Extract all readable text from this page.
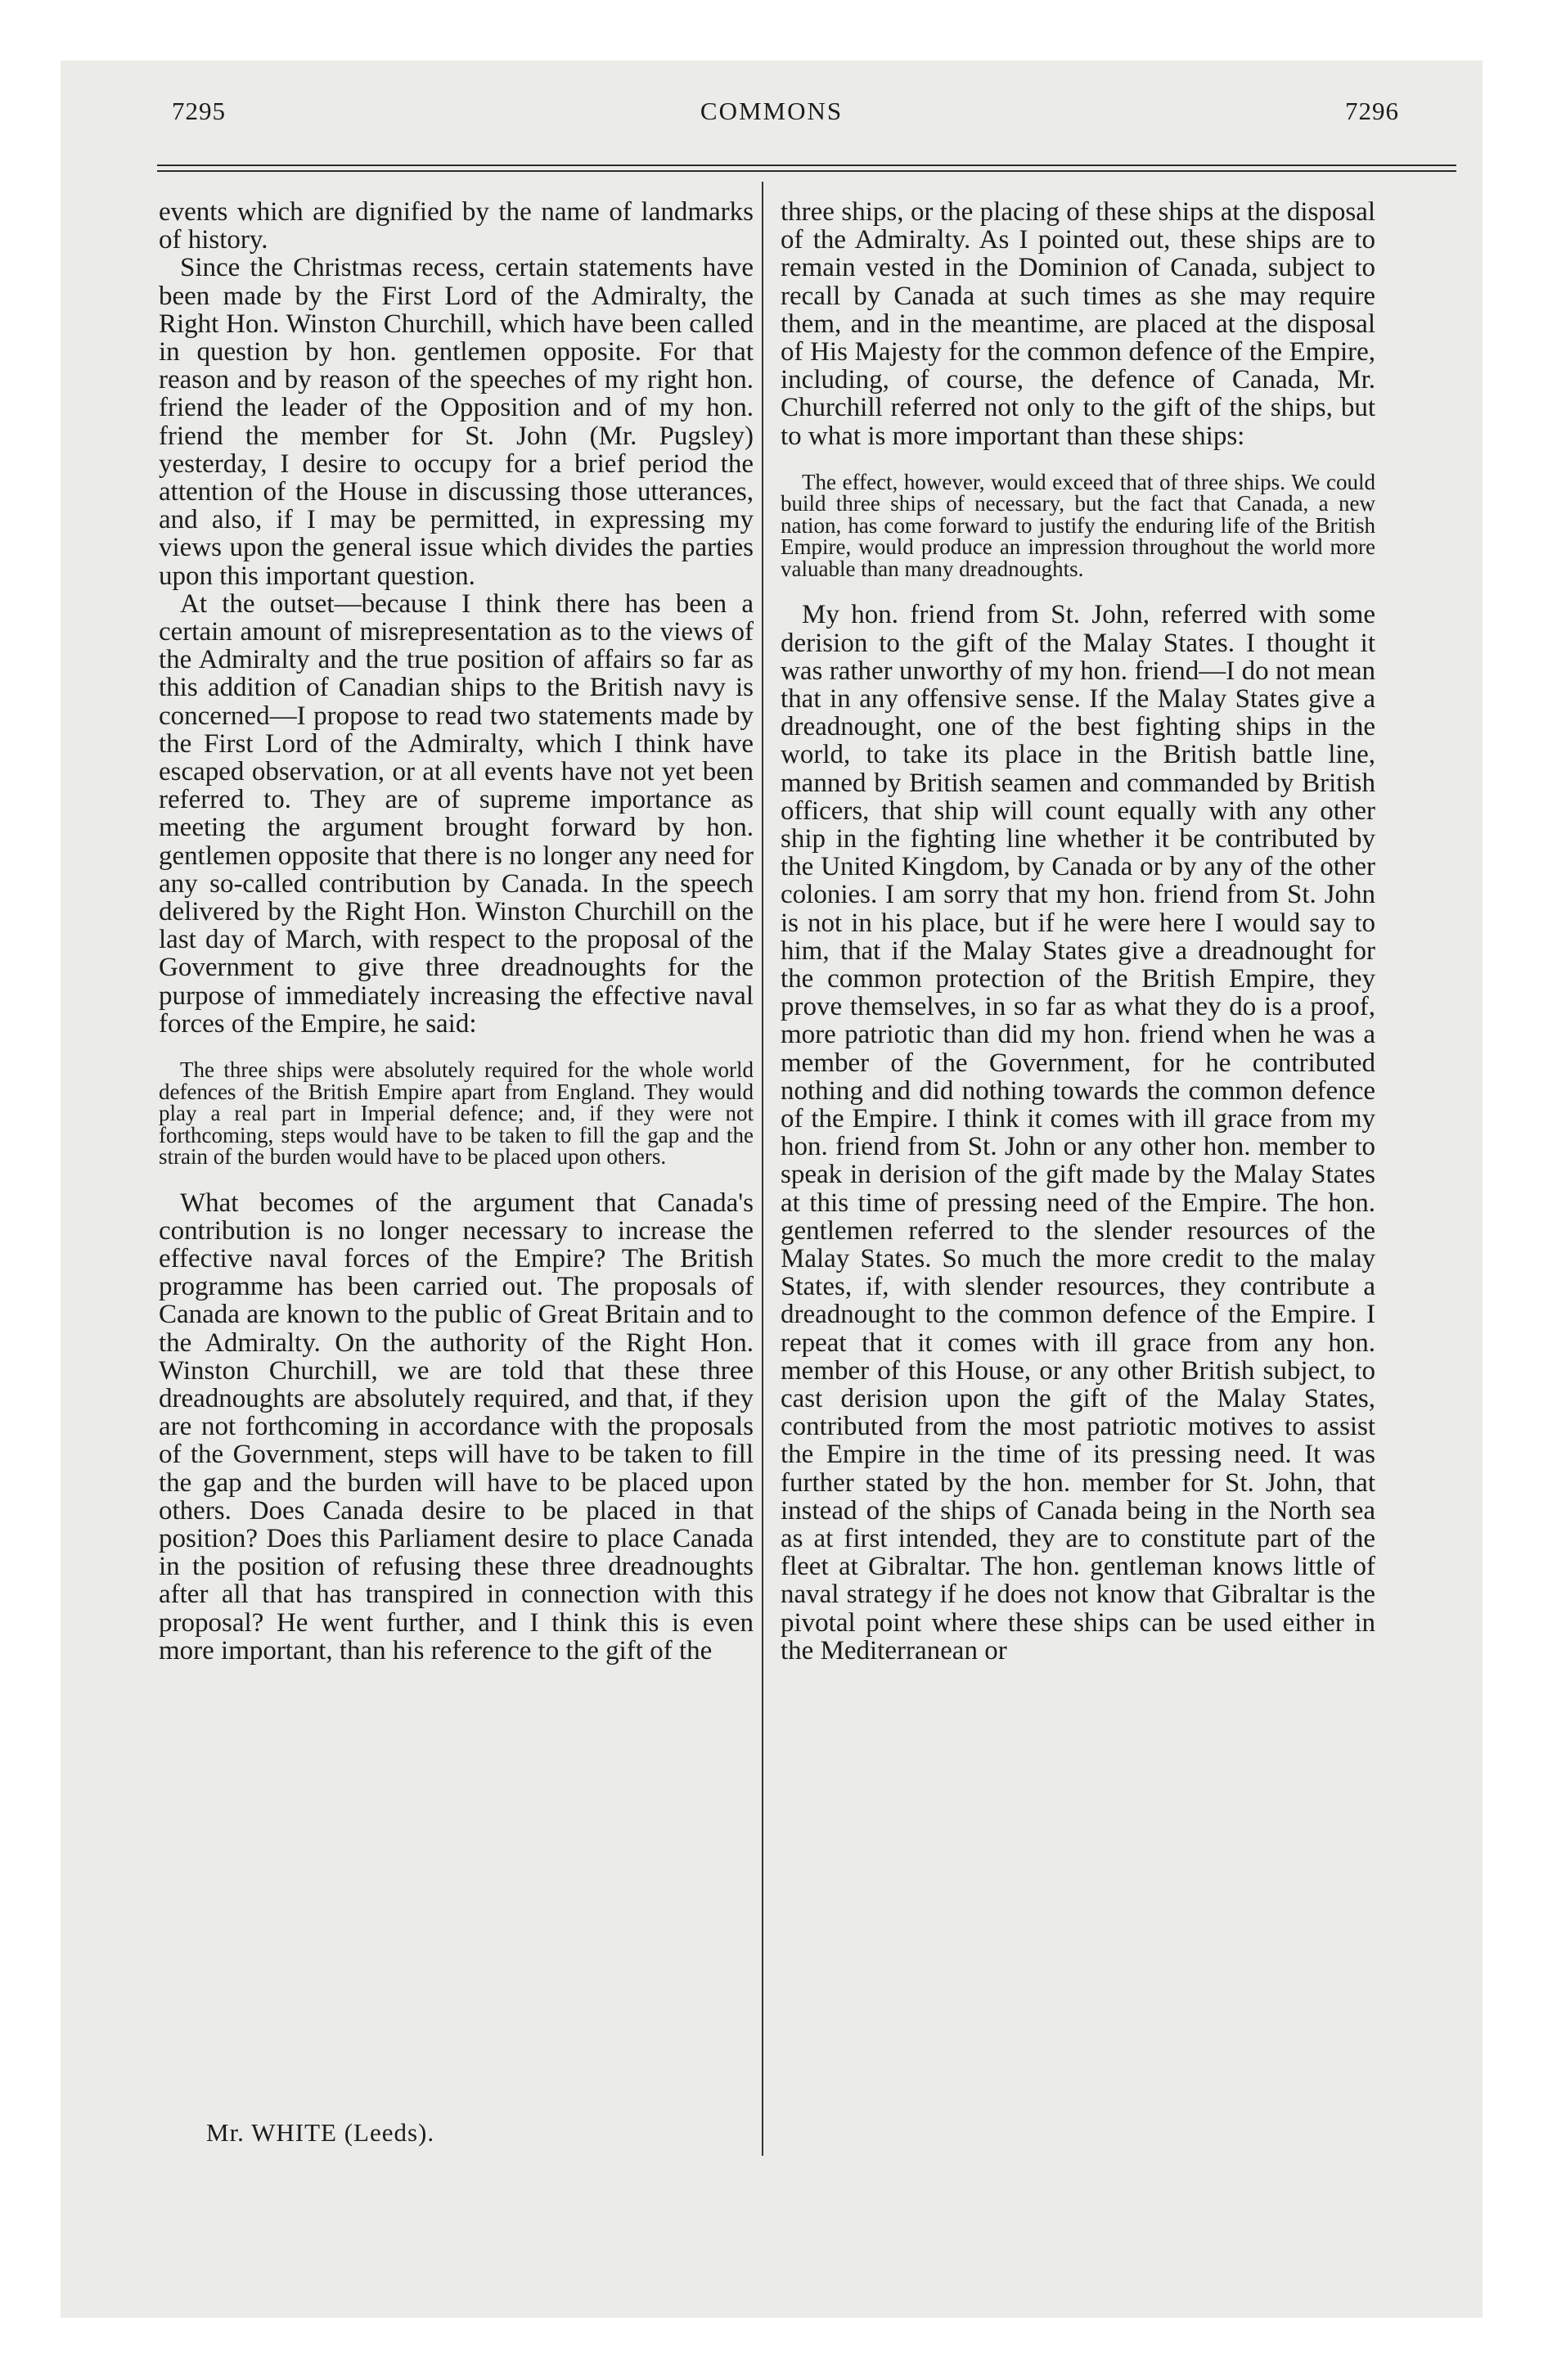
7295	COMMONS	7296

events which are dignified by the name of landmarks of history.

Since the Christmas recess, certain statements have been made by the First Lord of the Admiralty, the Right Hon. Winston Churchill, which have been called in question by hon. gentlemen opposite. For that reason and by reason of the speeches of my right hon. friend the leader of the Opposition and of my hon. friend the member for St. John (Mr. Pugsley) yesterday, I desire to occupy for a brief period the attention of the House in discussing those utterances, and also, if I may be permitted, in expressing my views upon the general issue which divides the parties upon this important question.

At the outset—because I think there has been a certain amount of misrepresentation as to the views of the Admiralty and the true position of affairs so far as this addition of Canadian ships to the British navy is concerned—I propose to read two statements made by the First Lord of the Admiralty, which I think have escaped observation, or at all events have not yet been referred to. They are of supreme importance as meeting the argument brought forward by hon. gentlemen opposite that there is no longer any need for any so-called contribution by Canada. In the speech delivered by the Right Hon. Winston Churchill on the last day of March, with respect to the proposal of the Government to give three dreadnoughts for the purpose of immediately increasing the effective naval forces of the Empire, he said:

The three ships were absolutely required for the whole world defences of the British Empire apart from England. They would play a real part in Imperial defence; and, if they were not forthcoming, steps would have to be taken to fill the gap and the strain of the burden would have to be placed upon others.

What becomes of the argument that Canada's contribution is no longer necessary to increase the effective naval forces of the Empire? The British programme has been carried out. The proposals of Canada are known to the public of Great Britain and to the Admiralty. On the authority of the Right Hon. Winston Churchill, we are told that these three dreadnoughts are absolutely required, and that, if they are not forthcoming in accordance with the proposals of the Government, steps will have to be taken to fill the gap and the burden will have to be placed upon others. Does Canada desire to be placed in that position? Does this Parliament desire to place Canada in the position of refusing these three dreadnoughts after all that has transpired in connection with this proposal? He went further, and I think this is even more important, than his reference to the gift of the

three ships, or the placing of these ships at the disposal of the Admiralty. As I pointed out, these ships are to remain vested in the Dominion of Canada, subject to recall by Canada at such times as she may require them, and in the meantime, are placed at the disposal of His Majesty for the common defence of the Empire, including, of course, the defence of Canada, Mr. Churchill referred not only to the gift of the ships, but to what is more important than these ships:

The effect, however, would exceed that of three ships. We could build three ships of necessary, but the fact that Canada, a new nation, has come forward to justify the enduring life of the British Empire, would produce an impression throughout the world more valuable than many dreadnoughts.

My hon. friend from St. John, referred with some derision to the gift of the Malay States. I thought it was rather unworthy of my hon. friend—I do not mean that in any offensive sense. If the Malay States give a dreadnought, one of the best fighting ships in the world, to take its place in the British battle line, manned by British seamen and commanded by British officers, that ship will count equally with any other ship in the fighting line whether it be contributed by the United Kingdom, by Canada or by any of the other colonies. I am sorry that my hon. friend from St. John is not in his place, but if he were here I would say to him, that if the Malay States give a dreadnought for the common protection of the British Empire, they prove themselves, in so far as what they do is a proof, more patriotic than did my hon. friend when he was a member of the Government, for he contributed nothing and did nothing towards the common defence of the Empire. I think it comes with ill grace from my hon. friend from St. John or any other hon. member to speak in derision of the gift made by the Malay States at this time of pressing need of the Empire. The hon. gentlemen referred to the slender resources of the Malay States. So much the more credit to the malay States, if, with slender resources, they contribute a dreadnought to the common defence of the Empire. I repeat that it comes with ill grace from any hon. member of this House, or any other British subject, to cast derision upon the gift of the Malay States, contributed from the most patriotic motives to assist the Empire in the time of its pressing need. It was further stated by the hon. member for St. John, that instead of the ships of Canada being in the North sea as at first intended, they are to constitute part of the fleet at Gibraltar. The hon. gentleman knows little of naval strategy if he does not know that Gibraltar is the pivotal point where these ships can be used either in the Mediterranean or

Mr. WHITE (Leeds).
